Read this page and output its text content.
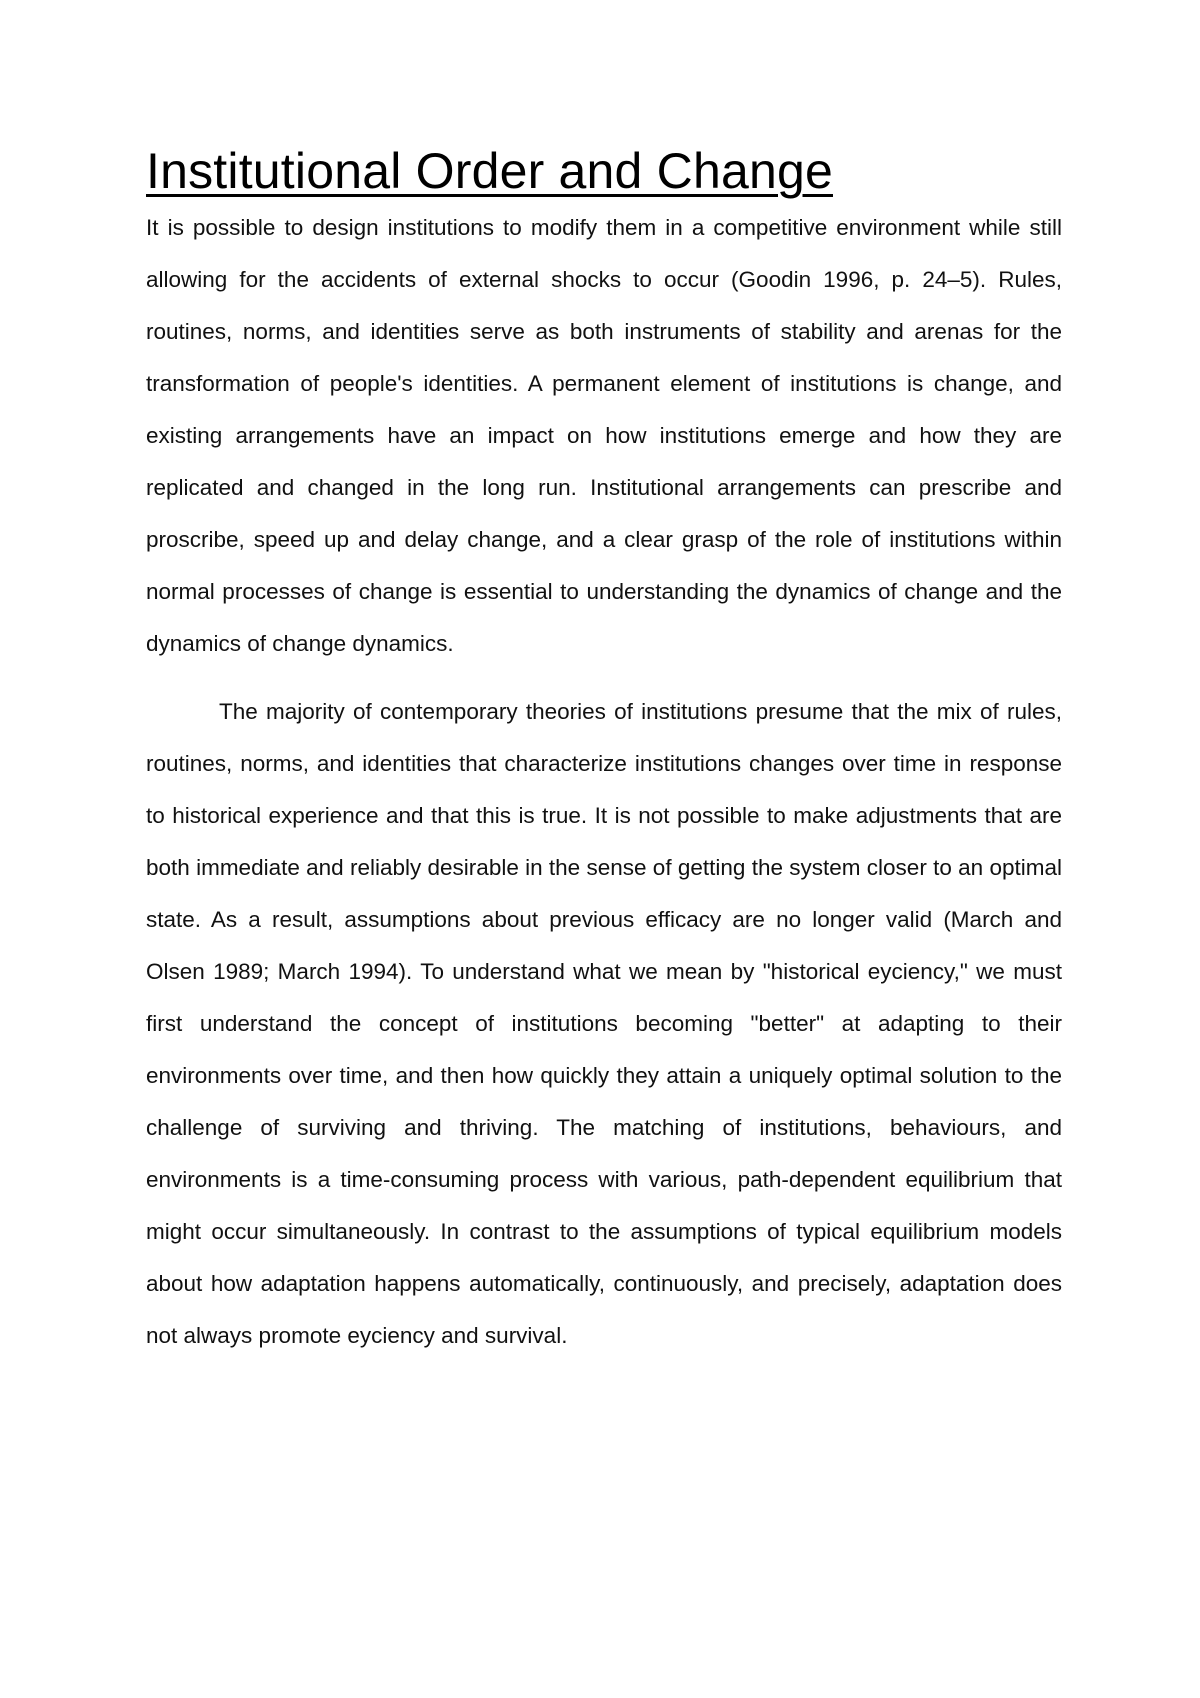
Institutional Order and Change

It is possible to design institutions to modify them in a competitive environment while still allowing for the accidents of external shocks to occur (Goodin 1996, p. 24–5). Rules, routines, norms, and identities serve as both instruments of stability and arenas for the transformation of people's identities. A permanent element of institutions is change, and existing arrangements have an impact on how institutions emerge and how they are replicated and changed in the long run. Institutional arrangements can prescribe and proscribe, speed up and delay change, and a clear grasp of the role of institutions within normal processes of change is essential to understanding the dynamics of change and the dynamics of change dynamics.

The majority of contemporary theories of institutions presume that the mix of rules, routines, norms, and identities that characterize institutions changes over time in response to historical experience and that this is true. It is not possible to make adjustments that are both immediate and reliably desirable in the sense of getting the system closer to an optimal state. As a result, assumptions about previous efficacy are no longer valid (March and Olsen 1989; March 1994). To understand what we mean by "historical eyciency," we must first understand the concept of institutions becoming "better" at adapting to their environments over time, and then how quickly they attain a uniquely optimal solution to the challenge of surviving and thriving. The matching of institutions, behaviours, and environments is a time-consuming process with various, path-dependent equilibrium that might occur simultaneously. In contrast to the assumptions of typical equilibrium models about how adaptation happens automatically, continuously, and precisely, adaptation does not always promote eyciency and survival.
